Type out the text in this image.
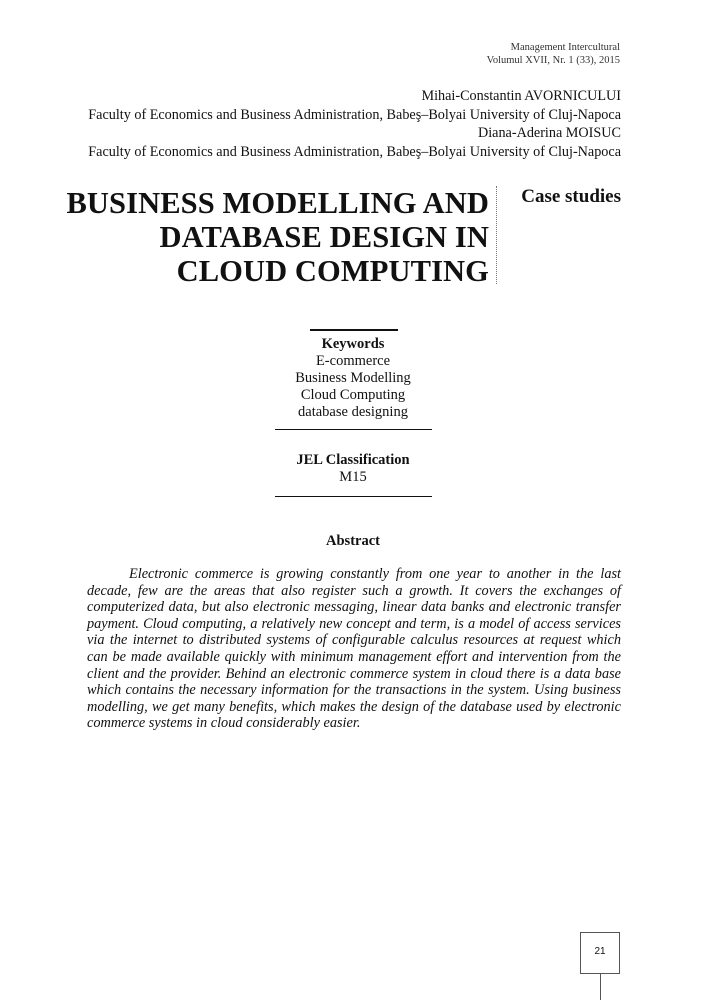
Management Intercultural
Volumul XVII, Nr. 1 (33), 2015
Mihai-Constantin AVORNICULUI
Faculty of Economics and Business Administration, Babeş–Bolyai University of Cluj-Napoca
Diana-Aderina MOISUC
Faculty of Economics and Business Administration, Babeş–Bolyai University of Cluj-Napoca
BUSINESS MODELLING AND
DATABASE DESIGN IN
CLOUD COMPUTING
Case studies
Keywords
E-commerce
Business Modelling
Cloud Computing
database designing
JEL Classification
M15
Abstract
Electronic commerce is growing constantly from one year to another in the last decade, few are the areas that also register such a growth. It covers the exchanges of computerized data, but also electronic messaging, linear data banks and electronic transfer payment. Cloud computing, a relatively new concept and term, is a model of access services via the internet to distributed systems of configurable calculus resources at request which can be made available quickly with minimum management effort and intervention from the client and the provider. Behind an electronic commerce system in cloud there is a data base which contains the necessary information for the transactions in the system. Using business modelling, we get many benefits, which makes the design of the database used by electronic commerce systems in cloud considerably easier.
21
